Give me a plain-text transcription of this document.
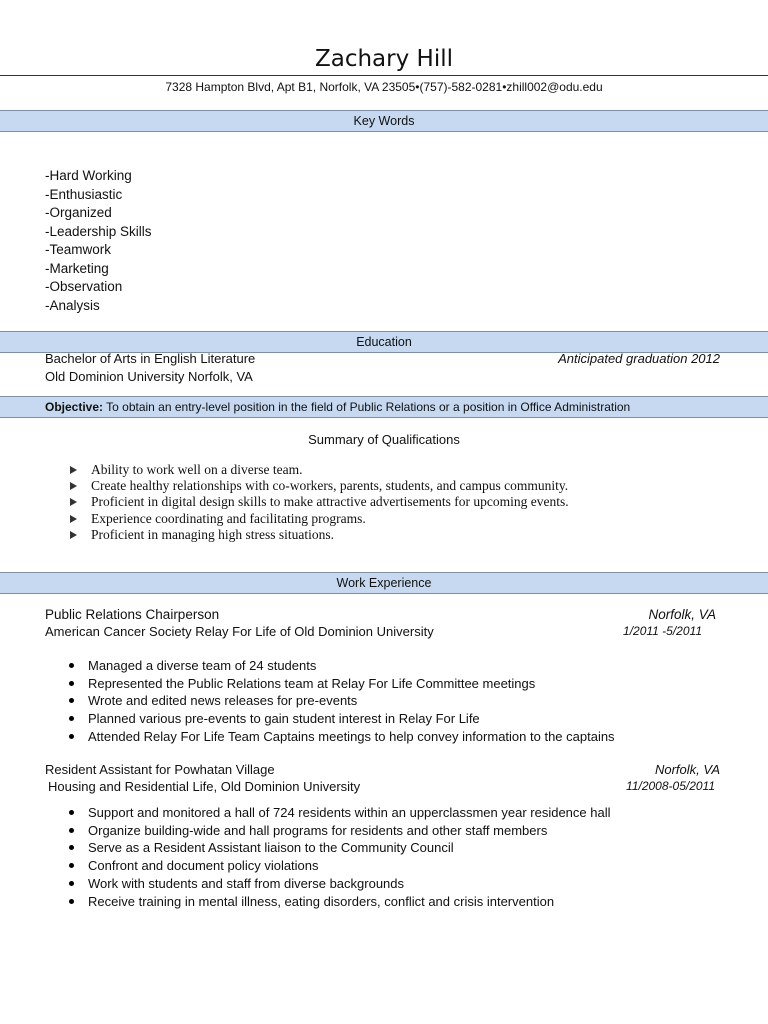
Zachary Hill
7328 Hampton Blvd, Apt B1, Norfolk, VA 23505•(757)-582-0281•zhill002@odu.edu
Key Words
-Hard Working
-Enthusiastic
-Organized
-Leadership Skills
-Teamwork
-Marketing
-Observation
-Analysis
Education
Bachelor of Arts in English Literature	Anticipated graduation 2012
Old Dominion University Norfolk, VA
Objective: To obtain an entry-level position in the field of Public Relations or a position in Office Administration
Summary of Qualifications
Ability to work well on a diverse team.
Create healthy relationships with co-workers, parents, students, and campus community.
Proficient in digital design skills to make attractive advertisements for upcoming events.
Experience coordinating and facilitating programs.
Proficient in managing high stress situations.
Work Experience
Public Relations Chairperson	Norfolk, VA
American Cancer Society Relay For Life of Old Dominion University	1/2011 -5/2011
Managed a diverse team of 24 students
Represented the Public Relations team at Relay For Life Committee meetings
Wrote and edited news releases for pre-events
Planned various pre-events to gain student interest in Relay For Life
Attended Relay For Life Team Captains meetings to help convey information to the captains
Resident Assistant for Powhatan Village	Norfolk, VA
Housing and Residential Life, Old Dominion University	11/2008-05/2011
Support and monitored a hall of 724 residents within an upperclassmen year residence hall
Organize building-wide and hall programs for residents and other staff members
Serve as a Resident Assistant liaison to the Community Council
Confront and document policy violations
Work with students and staff from diverse backgrounds
Receive training in mental illness, eating disorders, conflict and crisis intervention
